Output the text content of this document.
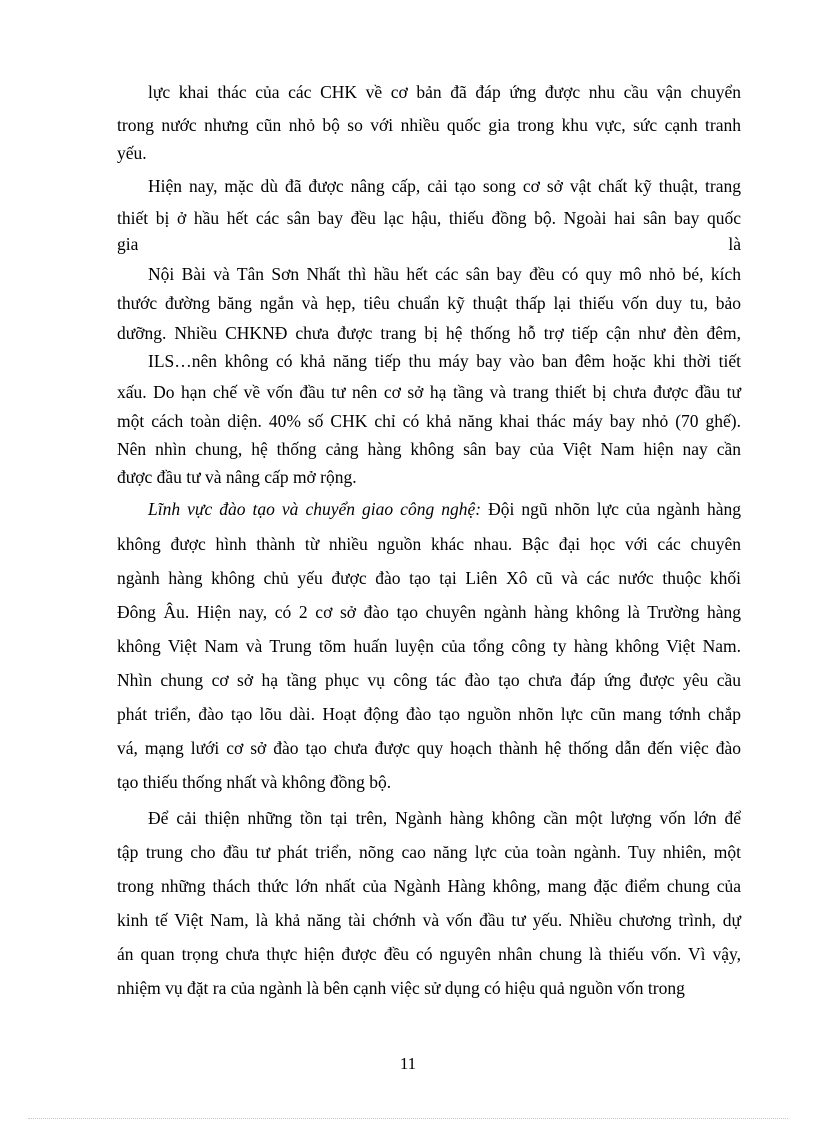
lực khai thác của các CHK về cơ bản đã đáp ứng được nhu cầu vận chuyển
trong nước nhưng cũn nhỏ bộ so với nhiều quốc gia trong khu vực, sức cạnh tranh
yếu.
Hiện nay, mặc dù đã được nâng cấp, cải tạo song cơ sở vật chất kỹ thuật, trang
thiết bị ở hầu hết các sân bay đều lạc hậu, thiếu đồng bộ. Ngoài hai sân bay quốc
gia	là
Nội Bài và Tân Sơn Nhất thì hầu hết các sân bay đều có quy mô nhỏ bé, kích
thước đường băng ngắn và hẹp, tiêu chuẩn kỹ thuật thấp lại thiếu vốn duy tu, bảo
dưỡng. Nhiều CHKNĐ chưa được trang bị hệ thống hỗ trợ tiếp cận như đèn đêm,
ILS…nên không có khả năng tiếp thu máy bay vào ban đêm hoặc khi thời tiết
xấu. Do hạn chế về vốn đầu tư nên cơ sở hạ tầng và trang thiết bị chưa được đầu tư
một cách toàn diện. 40% số CHK chỉ có khả năng khai thác máy bay nhỏ (70 ghế).
Nên nhìn chung, hệ thống cảng hàng không sân bay của Việt Nam hiện nay cần
được đầu tư và nâng cấp mở rộng.
Lĩnh vực đào tạo và chuyển giao công nghệ: Đội ngũ nhõn lực của ngành hàng
không được hình thành từ nhiều nguồn khác nhau. Bậc đại học với các chuyên
ngành hàng không chủ yếu được đào tạo tại Liên Xô cũ và các nước thuộc khối
Đông Âu. Hiện nay, có 2 cơ sở đào tạo chuyên ngành hàng không là Trường hàng
không Việt Nam và Trung tõm huấn luyện của tổng công ty hàng không Việt Nam.
Nhìn chung cơ sở hạ tầng phục vụ công tác đào tạo chưa đáp ứng được yêu cầu
phát triển, đào tạo lõu dài. Hoạt động đào tạo nguồn nhõn lực cũn mang tớnh chắp
vá, mạng lưới cơ sở đào tạo chưa được quy hoạch thành hệ thống dẫn đến việc đào
tạo thiếu thống nhất và không đồng bộ.
Để cải thiện những tồn tại trên, Ngành hàng không cần một lượng vốn lớn để
tập trung cho đầu tư phát triển, nõng cao năng lực của toàn ngành. Tuy nhiên, một
trong những thách thức lớn nhất của Ngành Hàng không, mang đặc điểm chung của
kinh tế Việt Nam, là khả năng tài chớnh và vốn đầu tư yếu. Nhiều chương trình, dự
án quan trọng chưa thực hiện được đều có nguyên nhân chung là thiếu vốn. Vì vậy,
nhiệm vụ đặt ra của ngành là bên cạnh việc sử dụng có hiệu quả nguồn vốn trong
11
